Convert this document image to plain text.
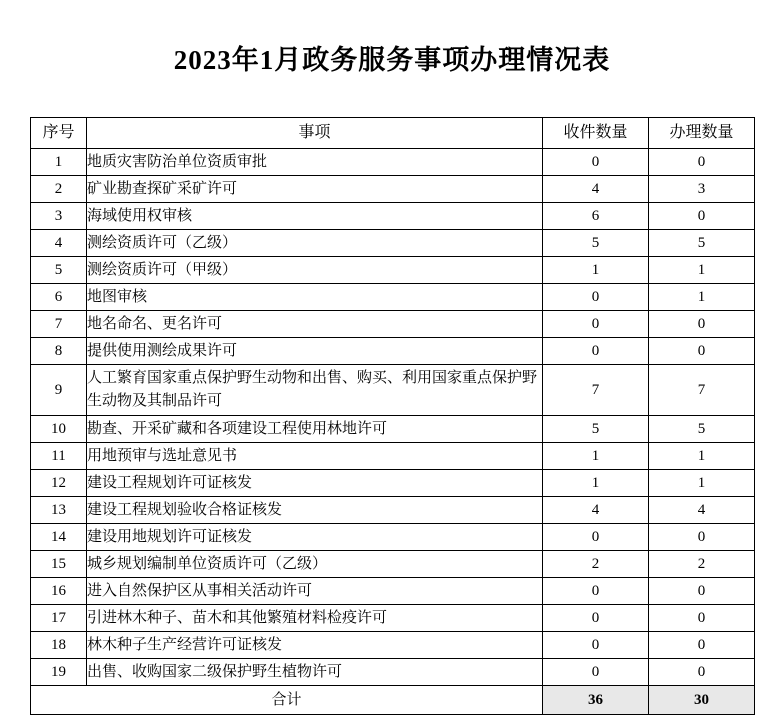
2023年1月政务服务事项办理情况表
序号	事项	收件数量	办理数量
1	地质灾害防治单位资质审批	0	0
2	矿业勘查探矿采矿许可	4	3
3	海域使用权审核	6	0
4	测绘资质许可（乙级）	5	5
5	测绘资质许可（甲级）	1	1
6	地图审核	0	1
7	地名命名、更名许可	0	0
8	提供使用测绘成果许可	0	0
9	人工繁育国家重点保护野生动物和出售、购买、利用国家重点保护野生动物及其制品许可	7	7
10	勘查、开采矿藏和各项建设工程使用林地许可	5	5
11	用地预审与选址意见书	1	1
12	建设工程规划许可证核发	1	1
13	建设工程规划验收合格证核发	4	4
14	建设用地规划许可证核发	0	0
15	城乡规划编制单位资质许可（乙级）	2	2
16	进入自然保护区从事相关活动许可	0	0
17	引进林木种子、苗木和其他繁殖材料检疫许可	0	0
18	林木种子生产经营许可证核发	0	0
19	出售、收购国家二级保护野生植物许可	0	0
合计		36	30
